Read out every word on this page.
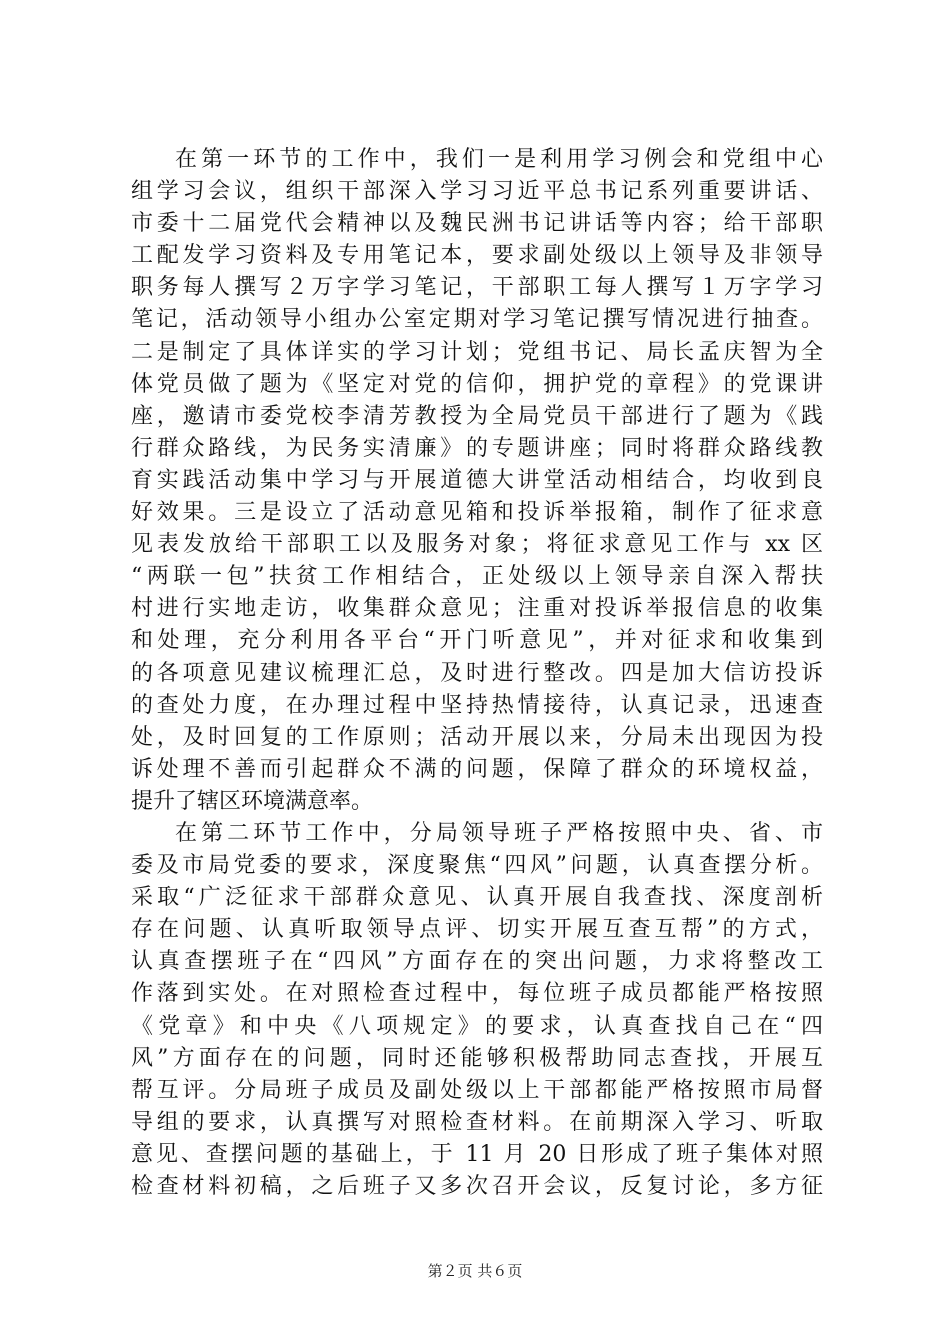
在第一环节的工作中，我们一是利用学习例会和党组中心
组学习会议，组织干部深入学习习近平总书记系列重要讲话、
市委十二届党代会精神以及魏民洲书记讲话等内容；给干部职
工配发学习资料及专用笔记本，要求副处级以上领导及非领导
职务每人撰写２万字学习笔记，干部职工每人撰写１万字学习
笔记，活动领导小组办公室定期对学习笔记撰写情况进行抽查。
二是制定了具体详实的学习计划；党组书记、局长孟庆智为全
体党员做了题为《坚定对党的信仰，拥护党的章程》的党课讲
座，邀请市委党校李清芳教授为全局党员干部进行了题为《践
行群众路线，为民务实清廉》的专题讲座；同时将群众路线教
育实践活动集中学习与开展道德大讲堂活动相结合，均收到良
好效果。三是设立了活动意见箱和投诉举报箱，制作了征求意
见表发放给干部职工以及服务对象；将征求意见工作与 xx 区
“两联一包”扶贫工作相结合，正处级以上领导亲自深入帮扶
村进行实地走访，收集群众意见；注重对投诉举报信息的收集
和处理，充分利用各平台“开门听意见”，并对征求和收集到
的各项意见建议梳理汇总，及时进行整改。四是加大信访投诉
的查处力度，在办理过程中坚持热情接待，认真记录，迅速查
处，及时回复的工作原则；活动开展以来，分局未出现因为投
诉处理不善而引起群众不满的问题，保障了群众的环境权益，
提升了辖区环境满意率。
在第二环节工作中，分局领导班子严格按照中央、省、市
委及市局党委的要求，深度聚焦“四风”问题，认真查摆分析。
采取“广泛征求干部群众意见、认真开展自我查找、深度剖析
存在问题、认真听取领导点评、切实开展互查互帮”的方式，
认真查摆班子在“四风”方面存在的突出问题，力求将整改工
作落到实处。在对照检查过程中，每位班子成员都能严格按照
《党章》和中央《八项规定》的要求，认真查找自己在“四
风”方面存在的问题，同时还能够积极帮助同志查找，开展互
帮互评。分局班子成员及副处级以上干部都能严格按照市局督
导组的要求，认真撰写对照检查材料。在前期深入学习、听取
意见、查摆问题的基础上，于 11 月 20 日形成了班子集体对照
检查材料初稿，之后班子又多次召开会议，反复讨论，多方征
第２页 共６页
